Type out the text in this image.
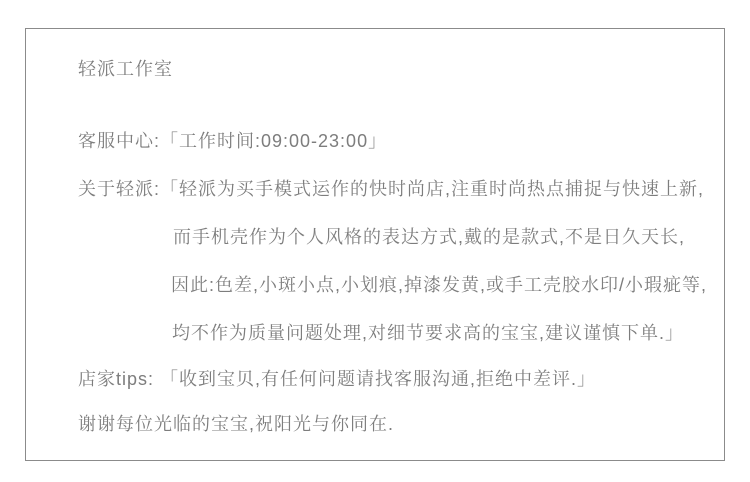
轻派工作室
客服中心:「工作时间:09:00-23:00」
关于轻派:「轻派为买手模式运作的快时尚店,注重时尚热点捕捉与快速上新,
而手机壳作为个人风格的表达方式,戴的是款式,不是日久天长,
因此:色差,小斑小点,小划痕,掉漆发黄,或手工壳胶水印/小瑕疵等,
均不作为质量问题处理,对细节要求高的宝宝,建议谨慎下单.」
店家tips: 「收到宝贝,有任何问题请找客服沟通,拒绝中差评.」
谢谢每位光临的宝宝,祝阳光与你同在.
